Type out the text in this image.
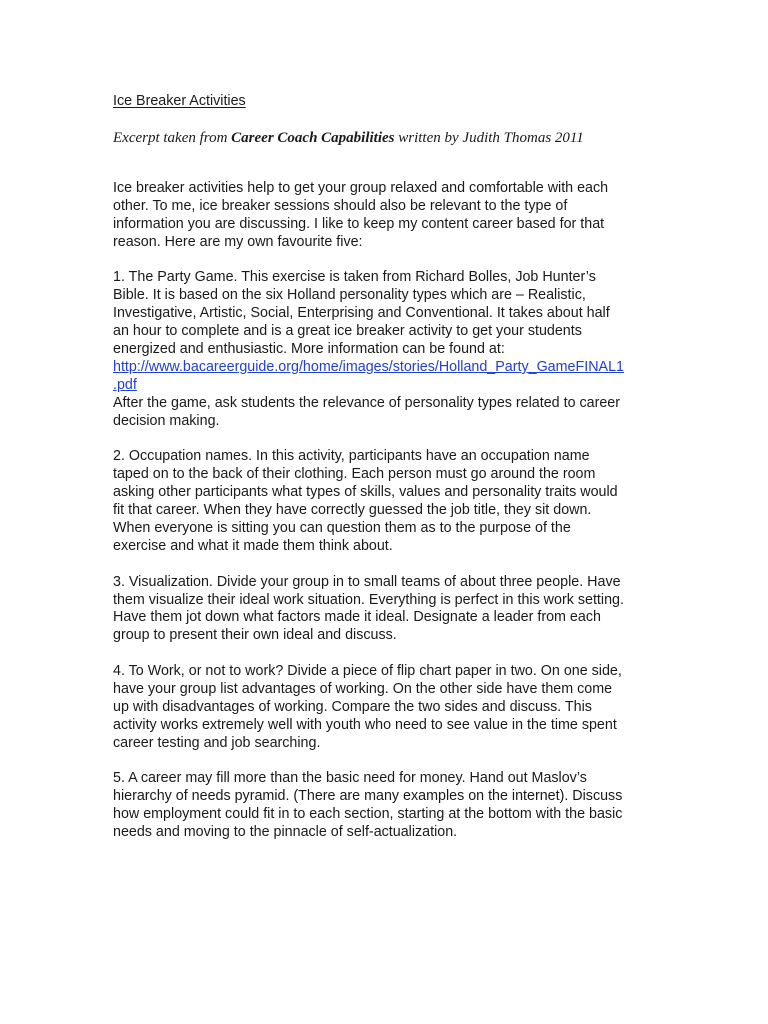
Ice Breaker Activities

Excerpt taken from Career Coach Capabilities written by Judith Thomas 2011

Ice breaker activities help to get your group relaxed and comfortable with each
other. To me, ice breaker sessions should also be relevant to the type of
information you are discussing. I like to keep my content career based for that
reason. Here are my own favourite five:

1. The Party Game. This exercise is taken from Richard Bolles, Job Hunter’s
Bible. It is based on the six Holland personality types which are – Realistic,
Investigative, Artistic, Social, Enterprising and Conventional. It takes about half
an hour to complete and is a great ice breaker activity to get your students
energized and enthusiastic. More information can be found at:

http://www.bacareerguide.org/home/images/stories/Holland_Party_GameFINAL1
.pdf

After the game, ask students the relevance of personality types related to career
decision making.

2. Occupation names. In this activity, participants have an occupation name
taped on to the back of their clothing. Each person must go around the room
asking other participants what types of skills, values and personality traits would
fit that career. When they have correctly guessed the job title, they sit down.
When everyone is sitting you can question them as to the purpose of the
exercise and what it made them think about.

3. Visualization. Divide your group in to small teams of about three people. Have
them visualize their ideal work situation. Everything is perfect in this work setting.
Have them jot down what factors made it ideal. Designate a leader from each
group to present their own ideal and discuss.

4. To Work, or not to work? Divide a piece of flip chart paper in two. On one side,
have your group list advantages of working. On the other side have them come
up with disadvantages of working. Compare the two sides and discuss. This
activity works extremely well with youth who need to see value in the time spent
career testing and job searching.

5. A career may fill more than the basic need for money. Hand out Maslov’s
hierarchy of needs pyramid. (There are many examples on the internet). Discuss
how employment could fit in to each section, starting at the bottom with the basic
needs and moving to the pinnacle of self-actualization.
